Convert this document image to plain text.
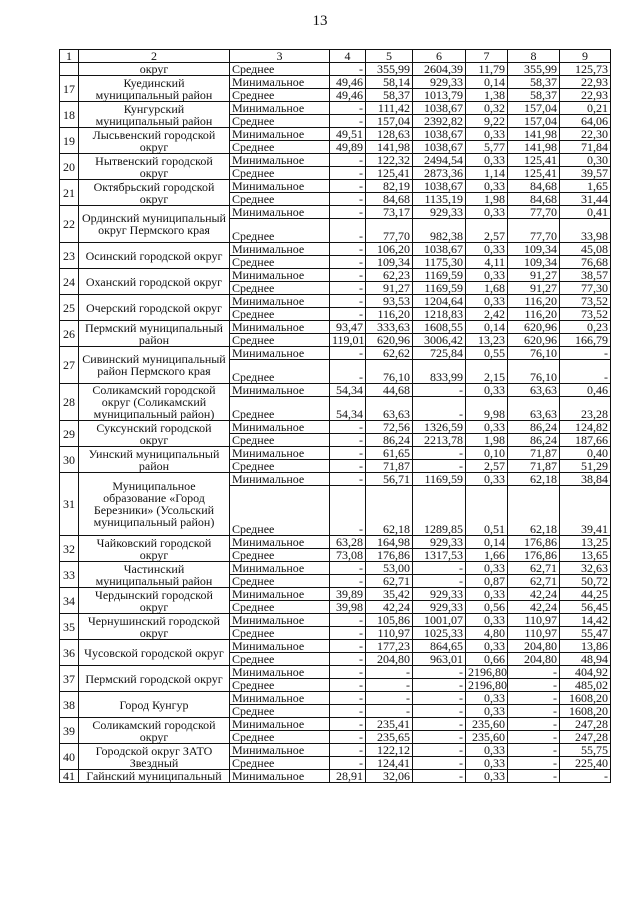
13
1	2	3	4	5	6	7	8	9
	округ	Среднее	-	355,99	2604,39	11,79	355,99	125,73
17	Куединский муниципальный район	Минимальное	49,46	58,14	929,33	0,14	58,37	22,93
		Среднее	49,46	58,37	1013,79	1,38	58,37	22,93
18	Кунгурский муниципальный район	Минимальное	-	111,42	1038,67	0,32	157,04	0,21
		Среднее	-	157,04	2392,82	9,22	157,04	64,06
19	Лысьвенский городской округ	Минимальное	49,51	128,63	1038,67	0,33	141,98	22,30
		Среднее	49,89	141,98	1038,67	5,77	141,98	71,84
20	Нытвенский городской округ	Минимальное	-	122,32	2494,54	0,33	125,41	0,30
		Среднее	-	125,41	2873,36	1,14	125,41	39,57
21	Октябрьский городской округ	Минимальное	-	82,19	1038,67	0,33	84,68	1,65
		Среднее	-	84,68	1135,19	1,98	84,68	31,44
22	Ординский муниципальный округ Пермского края	Минимальное	-	73,17	929,33	0,33	77,70	0,41
		Среднее	-	77,70	982,38	2,57	77,70	33,98
23	Осинский городской округ	Минимальное	-	106,20	1038,67	0,33	109,34	45,08
		Среднее	-	109,34	1175,30	4,11	109,34	76,68
24	Оханский городской округ	Минимальное	-	62,23	1169,59	0,33	91,27	38,57
		Среднее	-	91,27	1169,59	1,68	91,27	77,30
25	Очерский городской округ	Минимальное	-	93,53	1204,64	0,33	116,20	73,52
		Среднее	-	116,20	1218,83	2,42	116,20	73,52
26	Пермский муниципальный район	Минимальное	93,47	333,63	1608,55	0,14	620,96	0,23
		Среднее	119,01	620,96	3006,42	13,23	620,96	166,79
27	Сивинский муниципальный район Пермского края	Минимальное	-	62,62	725,84	0,55	76,10	-
		Среднее	-	76,10	833,99	2,15	76,10	-
28	Соликамский городской округ (Соликамский муниципальный район)	Минимальное	54,34	44,68	-	0,33	63,63	0,46
		Среднее	54,34	63,63	-	9,98	63,63	23,28
29	Суксунский городской округ	Минимальное	-	72,56	1326,59	0,33	86,24	124,82
		Среднее	-	86,24	2213,78	1,98	86,24	187,66
30	Уинский муниципальный район	Минимальное	-	61,65	-	0,10	71,87	0,40
		Среднее	-	71,87	-	2,57	71,87	51,29
31	Муниципальное образование «Город Березники» (Усольский муниципальный район)	Минимальное	-	56,71	1169,59	0,33	62,18	38,84
		Среднее	-	62,18	1289,85	0,51	62,18	39,41
32	Чайковский городской округ	Минимальное	63,28	164,98	929,33	0,14	176,86	13,25
		Среднее	73,08	176,86	1317,53	1,66	176,86	13,65
33	Частинский муниципальный район	Минимальное	-	53,00	-	0,33	62,71	32,63
		Среднее	-	62,71	-	0,87	62,71	50,72
34	Чердынский городской округ	Минимальное	39,89	35,42	929,33	0,33	42,24	44,25
		Среднее	39,98	42,24	929,33	0,56	42,24	56,45
35	Чернушинский городской округ	Минимальное	-	105,86	1001,07	0,33	110,97	14,42
		Среднее	-	110,97	1025,33	4,80	110,97	55,47
36	Чусовской городской округ	Минимальное	-	177,23	864,65	0,33	204,80	13,86
		Среднее	-	204,80	963,01	0,66	204,80	48,94
37	Пермский городской округ	Минимальное	-	-	-	2196,80	-	404,92
		Среднее	-	-	-	2196,80	-	485,02
38	Город Кунгур	Минимальное	-	-	-	0,33	-	1608,20
		Среднее	-	-	-	0,33	-	1608,20
39	Соликамский городской округ	Минимальное	-	235,41	-	235,60	-	247,28
		Среднее	-	235,65	-	235,60	-	247,28
40	Городской округ ЗАТО Звездный	Минимальное	-	122,12	-	0,33	-	55,75
		Среднее	-	124,41	-	0,33	-	225,40
41	Гайнский муниципальный	Минимальное	28,91	32,06	-	0,33	-	-
